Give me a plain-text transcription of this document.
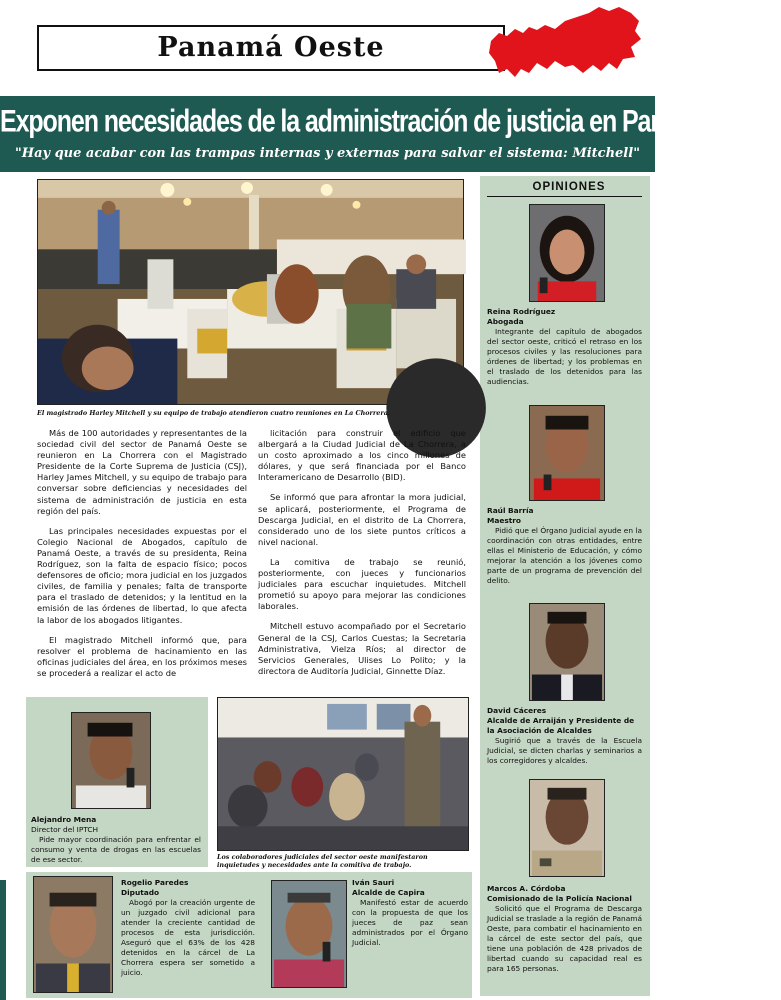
Panamá Oeste
Exponen necesidades de la administración de justicia en Panamá Oeste
"Hay que acabar con las trampas internas y externas para salvar el sistema: Mitchell"
OPINIONES
El magistrado Harley Mitchell y su equipo de trabajo atendieron cuatro reuniones en La Chorrera.

Más de 100 autoridades y representantes de la sociedad civil del sector de Panamá Oeste se reunieron en La Chorrera con el Magistrado Presidente de la Corte Suprema de Justicia (CSJ), Harley James Mitchell, y su equipo de trabajo para conversar sobre deficiencias y necesidades del sistema de administración de justicia en esta región del país.

Las principales necesidades expuestas por el Colegio Nacional de Abogados, capítulo de Panamá Oeste, a través de su presidenta, Reina Rodríguez, son la falta de espacio físico; pocos defensores de oficio; mora judicial en los juzgados civiles, de familia y penales; falta de transporte para el traslado de detenidos; y la lentitud en la emisión de las órdenes de libertad, lo que afecta la labor de los abogados litigantes.

El magistrado Mitchell informó que, para resolver el problema de hacinamiento en las oficinas judiciales del área, en los próximos meses se procederá a realizar el acto de

licitación para construir el edificio que albergará a la Ciudad Judicial de La Chorrera, a un costo aproximado a los cinco millones de dólares, y que será financiada por el Banco Interamericano de Desarrollo (BID).

Se informó que para afrontar la mora judicial, se aplicará, posteriormente, el Programa de Descarga Judicial, en el distrito de La Chorrera, considerado uno de los siete puntos críticos a nivel nacional.

La comitiva de trabajo se reunió, posteriormente, con jueces y funcionarios judiciales para escuchar inquietudes. Mitchell prometió su apoyo para mejorar las condiciones laborales.

Mitchell estuvo acompañado por el Secretario General de la CSJ, Carlos Cuestas; la Secretaria Administrativa, Vielza Ríos; al director de Servicios Generales, Ulises Lo Polito; y la directora de Auditoría Judicial, Ginnette Díaz.

Reina Rodríguez
Abogada
Integrante del capítulo de abogados del sector oeste, criticó el retraso en los procesos civiles y las resoluciones para órdenes de libertad; y los problemas en el traslado de los detenidos para las audiencias.
Raúl Barría
Maestro
Pidió que el Órgano Judicial ayude en la coordinación con otras entidades, entre ellas el Ministerio de Educación, y cómo mejorar la atención a los jóvenes como parte de un programa de prevención del delito.
David Cáceres
Alcalde de Arraiján y Presidente de la Asociación de Alcaldes
Sugirió que a través de la Escuela Judicial, se dicten charlas y seminarios a los corregidores y alcaldes.
Marcos A. Córdoba
Comisionado de la Policía Nacional
Solicitó que el Programa de Descarga Judicial se traslade a la región de Panamá Oeste, para combatir el hacinamiento en la cárcel de este sector del país, que tiene una población de 428 privados de libertad cuando su capacidad real es para 165 personas.
Alejandro Mena
Director del IPTCH
Pide mayor coordinación para enfrentar el consumo y venta de drogas en las escuelas de ese sector.	Los colaboradores judiciales del sector oeste manifestaron inquietudes y necesidades ante la comitiva de trabajo.
Rogelio Paredes
Diputado
Abogó por la creación urgente de un juzgado civil adicional para atender la creciente cantidad de procesos de esta jurisdicción. Aseguró que el 63% de los 428 detenidos en la cárcel de La Chorrera espera ser sometido a juicio.
Iván Sauri
Alcalde de Capira
Manifestó estar de acuerdo con la propuesta de que los jueces de paz sean administrados por el Órgano Judicial.
